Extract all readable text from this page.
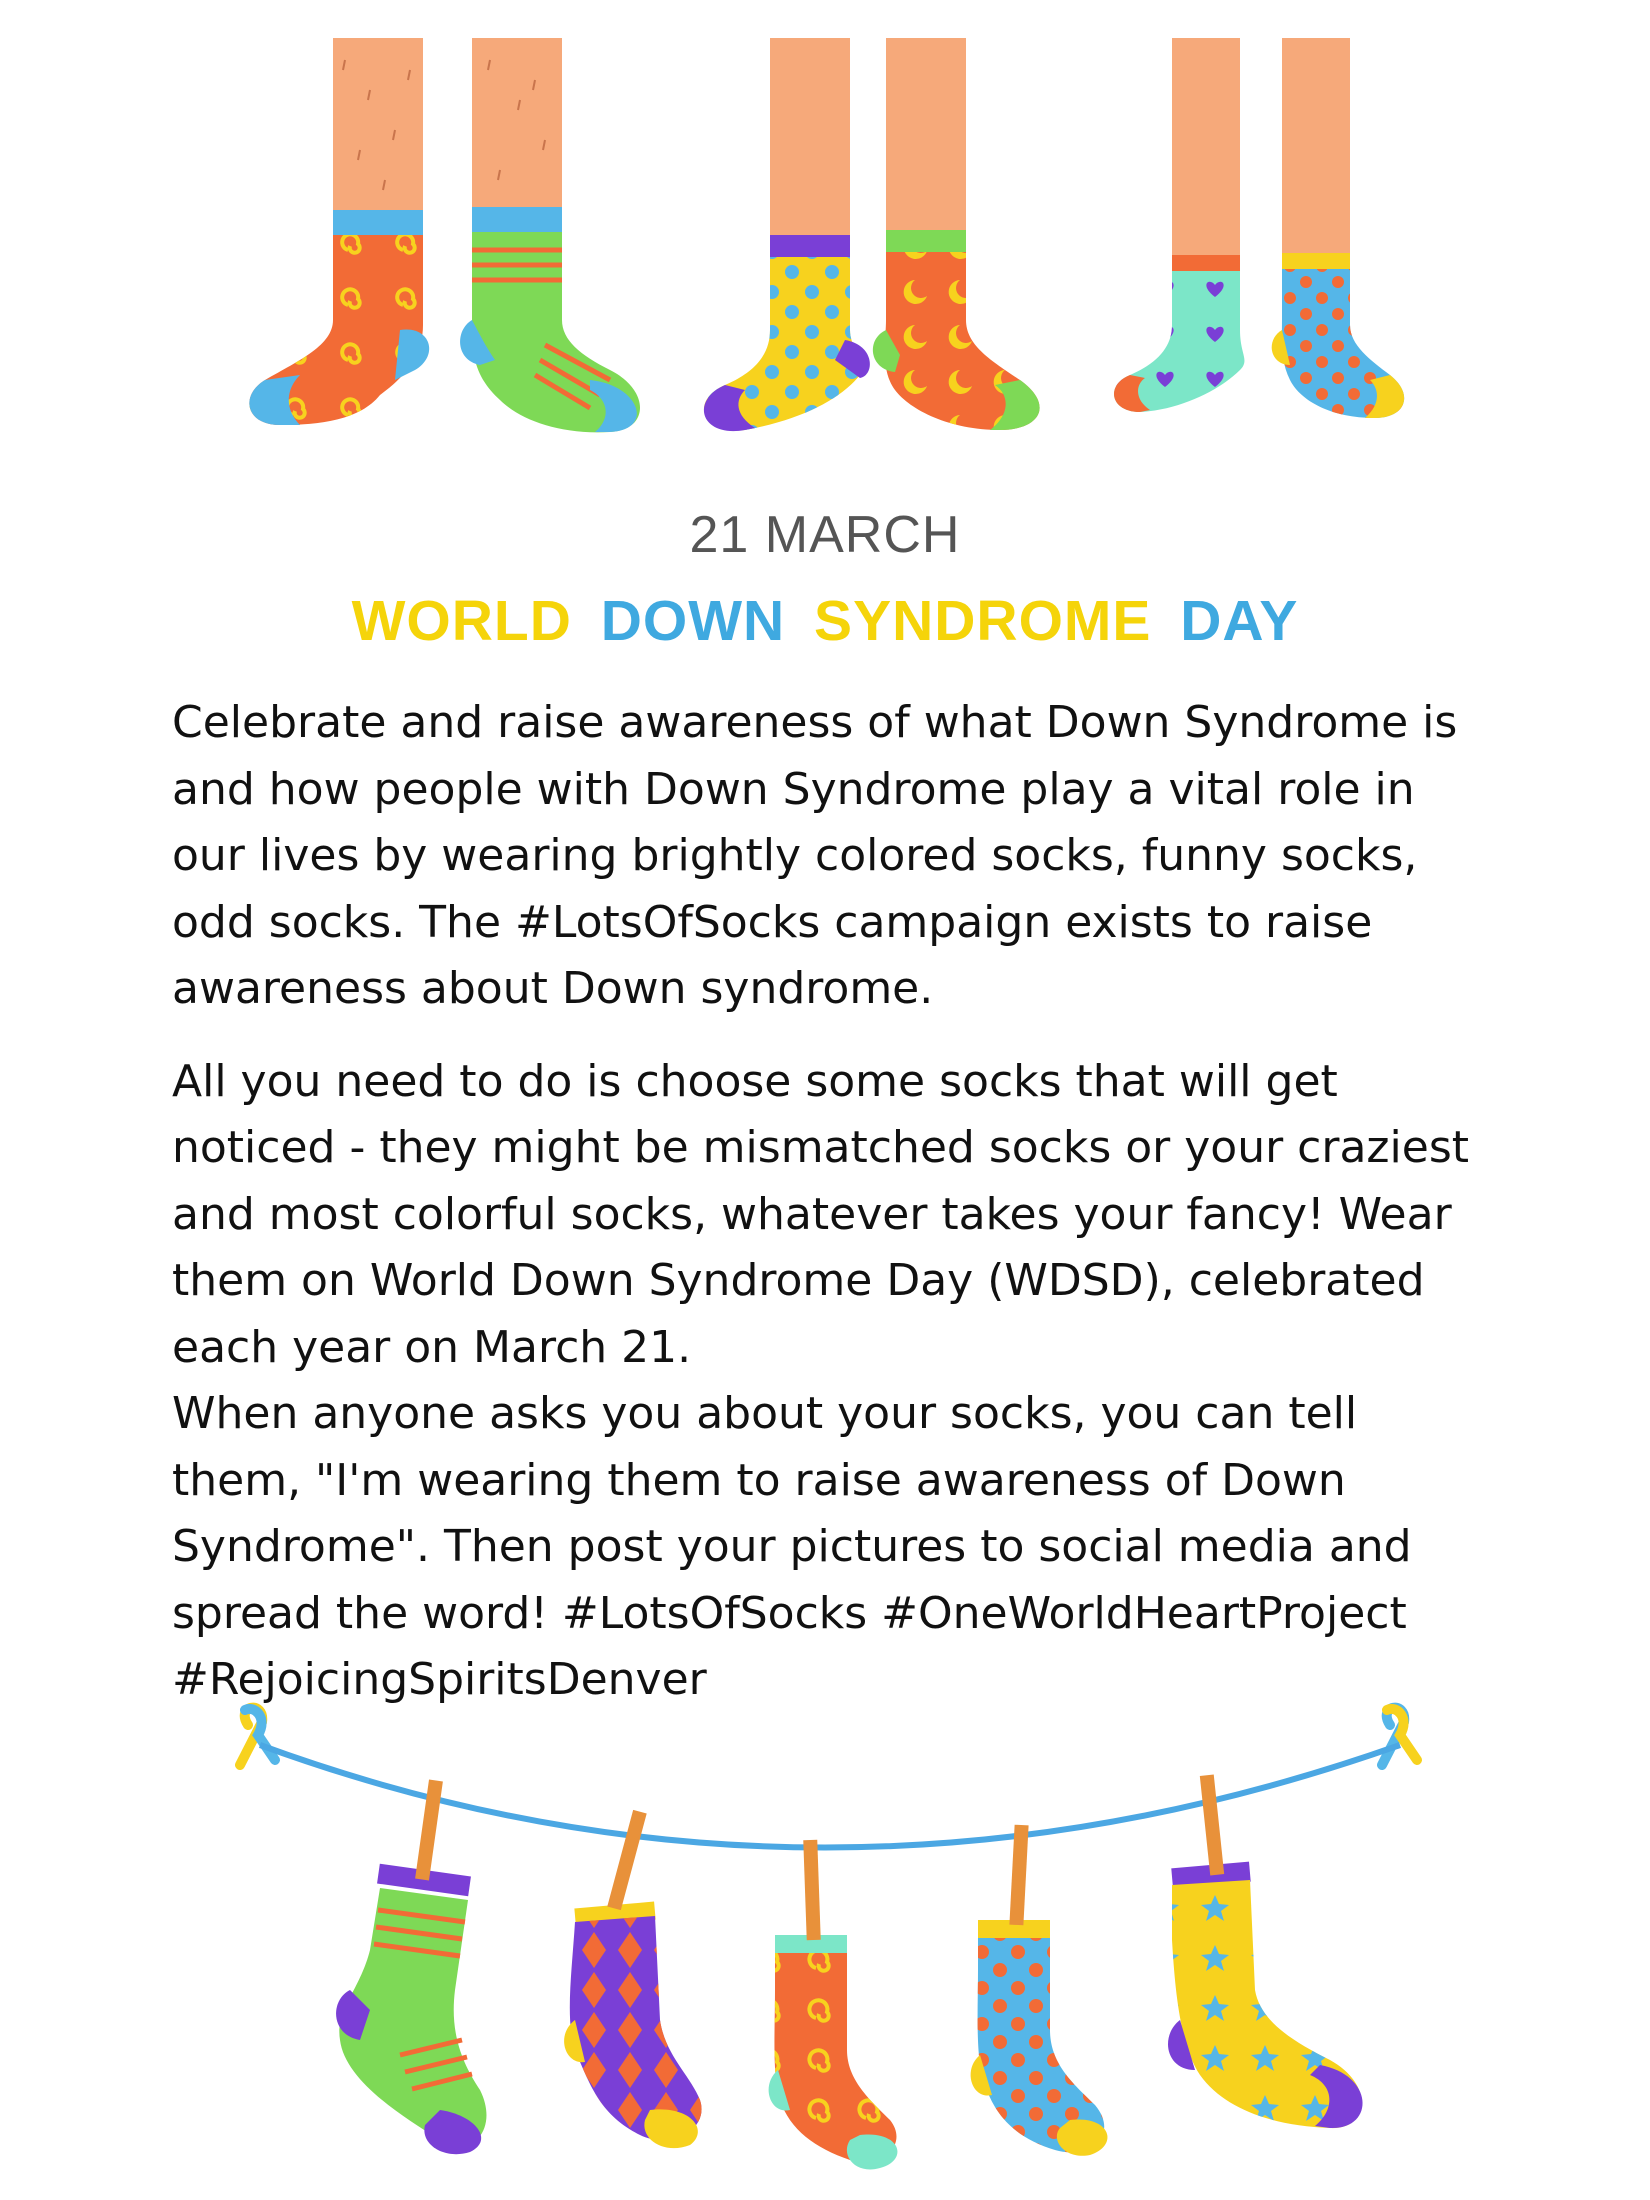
21 MARCH
WORLD DOWN SYNDROME DAY
Celebrate and raise awareness of what Down Syndrome is
and how people with Down Syndrome play a vital role in
our lives by wearing brightly colored socks, funny socks,
odd socks. The #LotsOfSocks campaign exists to raise
awareness about Down syndrome.
All you need to do is choose some socks that will get
noticed - they might be mismatched socks or your craziest
and most colorful socks, whatever takes your fancy! Wear
them on World Down Syndrome Day (WDSD), celebrated
each year on March 21.
When anyone asks you about your socks, you can tell
them, "I'm wearing them to raise awareness of Down
Syndrome". Then post your pictures to social media and
spread the word! #LotsOfSocks #OneWorldHeartProject
#RejoicingSpiritsDenver
